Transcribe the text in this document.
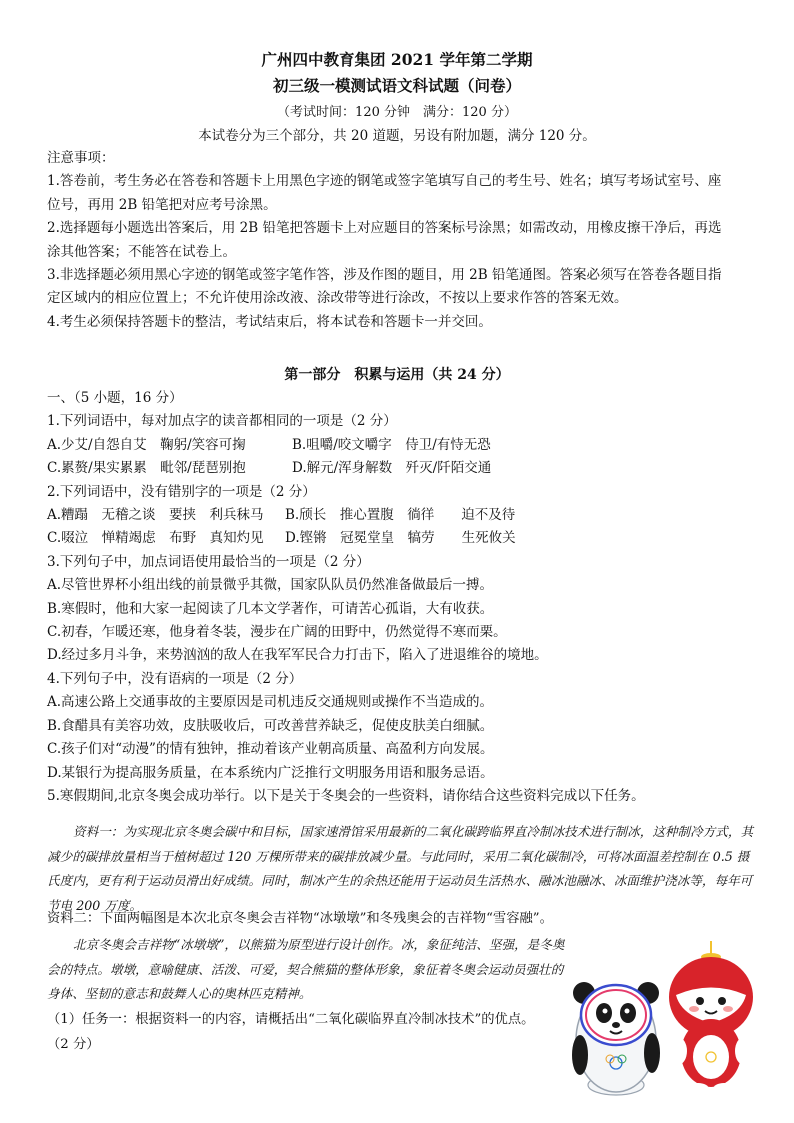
广州四中教育集团 2021 学年第二学期
初三级一模测试语文科试题（问卷）
（考试时间：120 分钟　满分：120 分）
本试卷分为三个部分，共 20 道题，另设有附加题，满分 120 分。

注意事项：

1.答卷前，考生务必在答卷和答题卡上用黑色字迹的钢笔或签字笔填写自己的考生号、姓名；填写考场试室号、座

位号，再用 2B 铅笔把对应考号涂黑。

2.选择题每小题选出答案后，用 2B 铅笔把答题卡上对应题目的答案标号涂黑；如需改动，用橡皮擦干净后，再选

涂其他答案；不能答在试卷上。

3.非选择题必须用黑心字迹的钢笔或签字笔作答，涉及作图的题目，用 2B 铅笔通图。答案必须写在答卷各题目指

定区域内的相应位置上；不允许使用涂改液、涂改带等进行涂改，不按以上要求作答的答案无效。

4.考生必须保持答题卡的整洁，考试结束后，将本试卷和答题卡一并交回。

第一部分　积累与运用（共 24 分）

一、（5 小题，16 分）

1.下列词语中，每对加点字的读音都相同的一项是（2 分）

A.少艾/自怨自艾　鞠躬/笑容可掬	B.咀嚼/咬文嚼字　侍卫/有恃无恐

C.累赘/果实累累　毗邻/琵琶别抱	D.解元/浑身解数　歼灭/阡陌交通

2.下列词语中，没有错别字的一项是（2 分）

A.糟蹋　无稽之谈　要挟　利兵秣马 B.颀长　推心置腹　徜徉　　迫不及待

C.啜泣　惮精竭虑　布野　真知灼见 D.铿锵　冠冕堂皇　犒劳　　生死攸关

3.下列句子中，加点词语使用最恰当的一项是（2 分）

A.尽管世界杯小组出线的前景微乎其微，国家队队员仍然准备做最后一搏。

B.寒假时，他和大家一起阅读了几本文学著作，可请苦心孤诣，大有收获。

C.初春，乍暖还寒，他身着冬装，漫步在广阔的田野中，仍然觉得不寒而栗。

D.经过多月斗争，来势汹汹的敌人在我军军民合力打击下，陷入了进退维谷的境地。

4.下列句子中，没有语病的一项是（2 分）

A.高速公路上交通事故的主要原因是司机违反交通规则或操作不当造成的。

B.食醋具有美容功效，皮肤吸收后，可改善营养缺乏，促使皮肤美白细腻。

C.孩子们对“动漫”的情有独钟，推动着该产业朝高质量、高盈利方向发展。

D.某银行为提高服务质量，在本系统内广泛推行文明服务用语和服务忌语。

5.寒假期间,北京冬奥会成功举行。以下是关于冬奥会的一些资料，请你结合这些资料完成以下任务。

资料一：为实现北京冬奥会碳中和目标，国家速滑馆采用最新的二氧化碳跨临界直冷制冰技术进行制冰，这种制冷方式，其减少的碳排放量相当于植树超过 120 万棵所带来的碳排放减少量。与此同时，采用二氧化碳制冷，可将冰面温差控制在 0.5 摄氏度内，更有利于运动员滑出好成绩。同时，制冰产生的余热还能用于运动员生活热水、融冰池融冰、冰面维护浇冰等，每年可节电 200 万度。
资料二：下面两幅图是本次北京冬奥会吉祥物“冰墩墩”和冬残奥会的吉祥物“雪容融”。
北京冬奥会吉祥物“冰墩墩”，以熊猫为原型进行设计创作。冰，象征纯洁、坚强，是冬奥会的特点。墩墩，意喻健康、活泼、可爱，契合熊猫的整体形象，象征着冬奥会运动员强壮的身体、坚韧的意志和鼓舞人心的奥林匹克精神。
（1）任务一：根据资料一的内容，请概括出“二氧化碳临界直冷制冰技术”的优点。（2 分）
